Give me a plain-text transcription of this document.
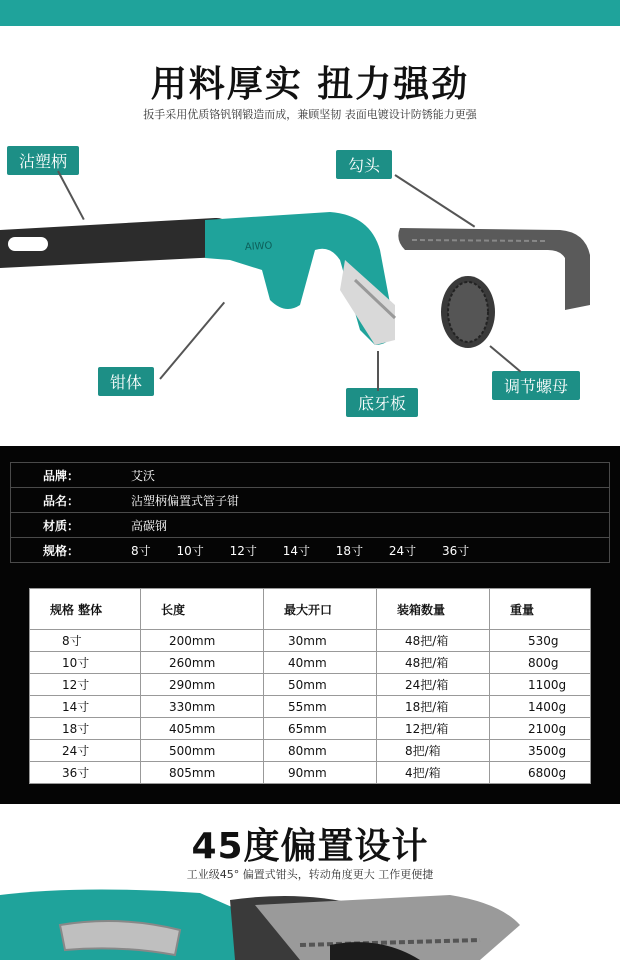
用料厚实 扭力强劲
扳手采用优质铬钒钢锻造而成，兼顾坚韧 表面电镀设计防锈能力更强
AIWO
沾塑柄	勾头
钳体	调节螺母
底牙板
品牌：	艾沃
品名：	沾塑柄偏置式管子钳
材质：	高碳钢
规格：	8寸 10寸 12寸 14寸 18寸 24寸 36寸
规格 整体	长度	最大开口	装箱数量	重量
8寸	200mm	30mm	48把/箱	530g
10寸	260mm	40mm	48把/箱	800g
12寸	290mm	50mm	24把/箱	1100g
14寸	330mm	55mm	18把/箱	1400g
18寸	405mm	65mm	12把/箱	2100g
24寸	500mm	80mm	8把/箱	3500g
36寸	805mm	90mm	4把/箱	6800g
45度偏置设计
工业级45° 偏置式钳头，转动角度更大 工作更便捷
